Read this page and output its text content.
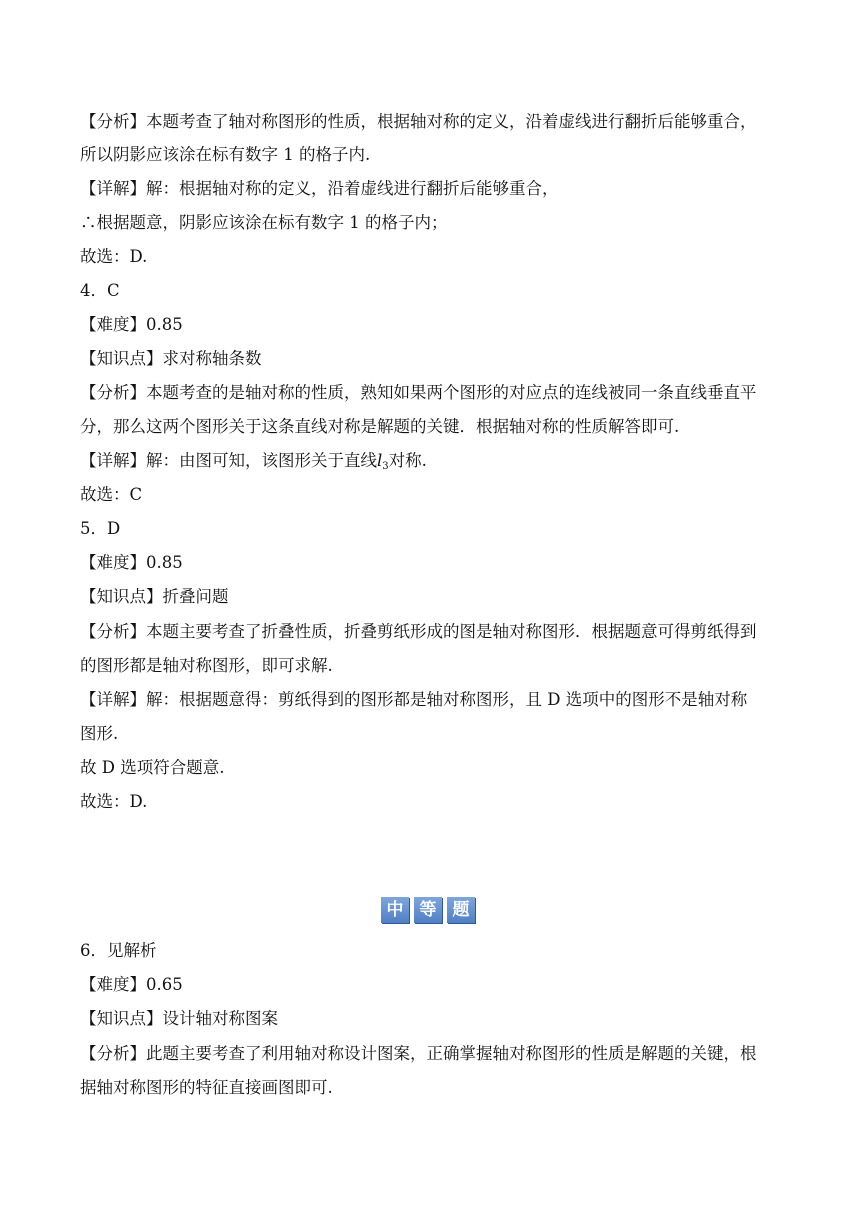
【分析】本题考查了轴对称图形的性质，根据轴对称的定义，沿着虚线进行翻折后能够重合，
所以阴影应该涂在标有数字 1 的格子内.
【详解】解：根据轴对称的定义，沿着虚线进行翻折后能够重合，
∴根据题意，阴影应该涂在标有数字 1 的格子内；
故选：D.
4．C
【难度】0.85
【知识点】求对称轴条数
【分析】本题考查的是轴对称的性质，熟知如果两个图形的对应点的连线被同一条直线垂直平
分，那么这两个图形关于这条直线对称是解题的关键．根据轴对称的性质解答即可.
【详解】解：由图可知，该图形关于直线$l_3$对称.
故选：C
5．D
【难度】0.85
【知识点】折叠问题
【分析】本题主要考查了折叠性质，折叠剪纸形成的图是轴对称图形．根据题意可得剪纸得到
的图形都是轴对称图形，即可求解.
【详解】解：根据题意得：剪纸得到的图形都是轴对称图形，且 D 选项中的图形不是轴对称
图形.
故 D 选项符合题意.
故选：D.
中 等 题
6．见解析
【难度】0.65
【知识点】设计轴对称图案
【分析】此题主要考查了利用轴对称设计图案，正确掌握轴对称图形的性质是解题的关键，根
据轴对称图形的特征直接画图即可.
